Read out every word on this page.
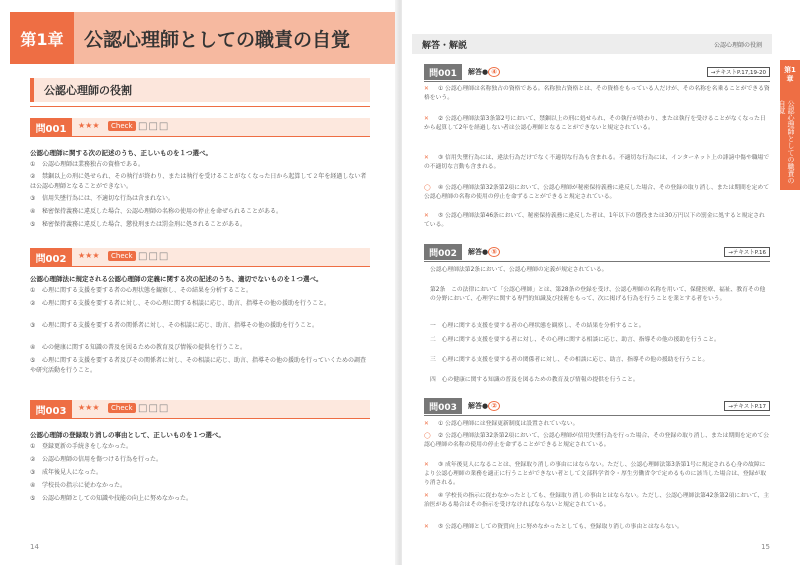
第1章	公認心理師としての職責の自覚
公認心理師の役割
問001	★★★	Check □□□
公認心理師に関する次の記述のうち、正しいものを１つ選べ。
① 公認心理師は業務独占の資格である。
② 禁錮以上の刑に処せられ、その執行が終わり、または執行を受けることがなくなった日から起算して２年を経過しない者は公認心理師となることができない。
③ 信用失墜行為には、不適切な行為は含まれない。
④ 秘密保持義務に違反した場合、公認心理師の名称の使用の停止を命ぜられることがある。
⑤ 秘密保持義務に違反した場合、懲役刑または罰金刑に処されることがある。
問002	★★★	Check □□□
公認心理師法に規定される公認心理師の定義に関する次の記述のうち、適切でないものを１つ選べ。
① 心理に関する支援を要する者の心理状態を観察し、その結果を分析すること。
② 心理に関する支援を要する者に対し、その心理に関する相談に応じ、助言、指導その他の援助を行うこと。
③ 心理に関する支援を要する者の関係者に対し、その相談に応じ、助言、指導その他の援助を行うこと。
④ 心の健康に関する知識の普及を図るための教育及び情報の提供を行うこと。
⑤ 心理に関する支援を要する者及びその関係者に対し、その相談に応じ、助言、指導その他の援助を行っていくための調査や研究活動を行うこと。
問003	★★★	Check □□□
公認心理師の登録取り消しの事由として、正しいものを１つ選べ。
① 登録更新の手続きをしなかった。
② 公認心理師の信用を傷つける行為を行った。
③ 成年後見人になった。
④ 学校長の指示に従わなかった。
⑤ 公認心理師としての知識や技能の向上に努めなかった。
14
解答・解説	公認心理師の役割
第1章
公認心理師としての職責の自覚
問001	解答● ④	→テキストP.17,19-20
✕ ① 公認心理師は名称独占の資格である。名称独占資格とは、その資格をもっている人だけが、その名称を名乗ることができる資格をいう。
✕ ② 公認心理師法第3条第2号において、禁錮以上の刑に処せられ、その執行が終わり、または執行を受けることがなくなった日から起算して2年を経過しない者は公認心理師となることができないと規定されている。
✕ ③ 信用失墜行為には、違法行為だけでなく不適切な行為も含まれる。不適切な行為には、インターネット上の誹謗中傷や職場での不適切な言動も含まれる。
◯ ④ 公認心理師法第32条第2項において、公認心理師が秘密保持義務に違反した場合、その登録の取り消し、または期間を定めて公認心理師の名称の使用の停止を命ずることができると規定されている。
✕ ⑤ 公認心理師法第46条において、秘密保持義務に違反した者は、1年以下の懲役または30万円以下の罰金に処すると規定されている。
問002	解答● ⑤	→テキストP.16
公認心理師法第2条において、公認心理師の定義が規定されている。
第2条　この法律において「公認心理師」とは、第28条の登録を受け、公認心理師の名称を用いて、保健医療、福祉、教育その他の分野において、心理学に関する専門的知識及び技術をもって、次に掲げる行為を行うことを業とする者をいう。
一　心理に関する支援を要する者の心理状態を観察し、その結果を分析すること。
二　心理に関する支援を要する者に対し、その心理に関する相談に応じ、助言、指導その他の援助を行うこと。
三　心理に関する支援を要する者の関係者に対し、その相談に応じ、助言、指導その他の援助を行うこと。
四　心の健康に関する知識の普及を図るための教育及び情報の提供を行うこと。
問003	解答● ②	→テキストP.17
✕ ① 公認心理師には登録更新制度は設置されていない。
◯ ② 公認心理師法第32条第2項において、公認心理師が信用失墜行為を行った場合、その登録の取り消し、または期間を定めて公認心理師の名称の使用の停止を命ずることができると規定されている。
✕ ③ 成年後見人になることは、登録取り消しの事由にはならない。ただし、公認心理師法第3条第1号に規定される心身の故障により公認心理師の業務を適正に行うことができない者として文部科学省令・厚生労働省令で定めるものに該当した場合は、登録が取り消される。
✕ ④ 学校長の指示に従わなかったとしても、登録取り消しの事由とはならない。ただし、公認心理師法第42条第2項において、主治医がある場合はその指示を受けなければならないと規定されている。
✕ ⑤ 公認心理師としての資質向上に努めなかったとしても、登録取り消しの事由とはならない。
15
